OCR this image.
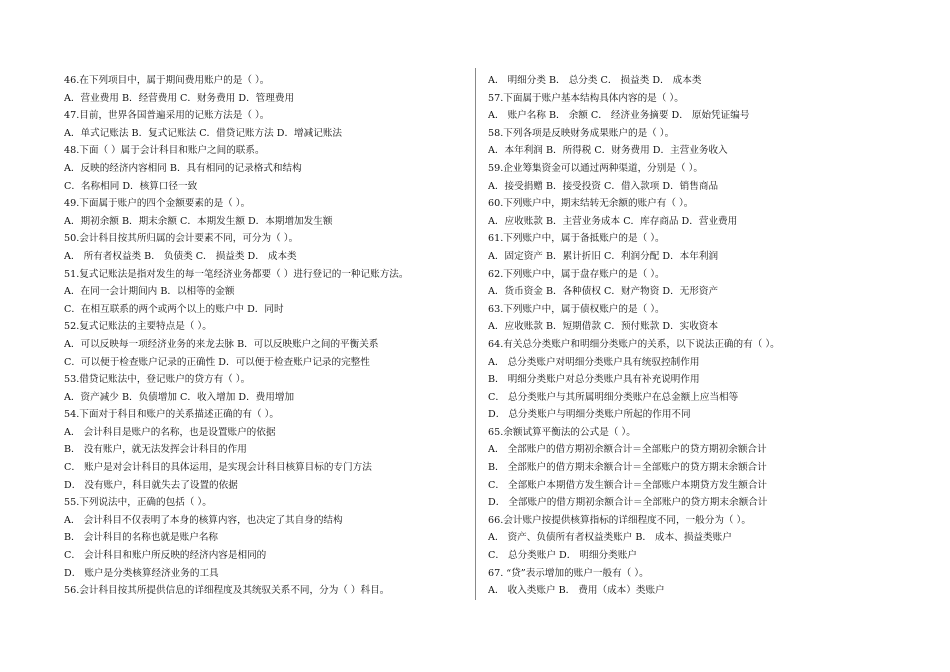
46.在下列项目中，属于期间费用账户的是（ ）。
A．营业费用 B．经营费用 C．财务费用 D．管理费用
47.目前，世界各国普遍采用的记账方法是（ ）。
A．单式记账法 B．复式记账法 C．借贷记账方法 D．增减记账法
48.下面（ ）属于会计科目和账户之间的联系。
A．反映的经济内容相同 B．具有相同的记录格式和结构
C．名称相同 D．核算口径一致
49.下面属于账户的四个金额要素的是（ ）。
A．期初余额 B．期末余额 C．本期发生额 D．本期增加发生额
50.会计科目按其所归属的会计要素不同，可分为（ ）。
A． 所有者权益类 B． 负债类 C． 损益类 D． 成本类
51.复式记账法是指对发生的每一笔经济业务都要（ ）进行登记的一种记账方法。
A．在同一会计期间内 B．以相等的金额
C．在相互联系的两个或两个以上的账户中 D．同时
52.复式记账法的主要特点是（ ）。
A．可以反映每一项经济业务的来龙去脉 B．可以反映账户之间的平衡关系
C．可以便于检查账户记录的正确性 D．可以便于检查账户记录的完整性
53.借贷记账法中，登记账户的贷方有（ ）。
A．资产减少 B．负债增加 C．收入增加 D．费用增加
54.下面对于科目和账户的关系描述正确的有（ ）。
A． 会计科目是账户的名称，也是设置账户的依据
B． 没有账户，就无法发挥会计科目的作用
C． 账户是对会计科目的具体运用，是实现会计科目核算目标的专门方法
D． 没有账户，科目就失去了设置的依据
55.下列说法中，正确的包括（ ）。
A． 会计科目不仅表明了本身的核算内容，也决定了其自身的结构
B． 会计科目的名称也就是账户名称
C． 会计科目和账户所反映的经济内容是相同的
D． 账户是分类核算经济业务的工具
56.会计科目按其所提供信息的详细程度及其统驭关系不同，分为（ ）科目。
A． 明细分类 B． 总分类 C． 损益类 D． 成本类
57.下面属于账户基本结构具体内容的是（ ）。
A． 账户名称 B． 余额 C． 经济业务摘要 D． 原始凭证编号
58.下列各项是反映财务成果账户的是（ ）。
A．本年利润 B．所得税 C．财务费用 D．主营业务收入
59.企业筹集资金可以通过两种渠道，分别是（ ）。
A．接受捐赠 B．接受投资 C．借入款项 D．销售商品
60.下列账户中，期末结转无余额的账户有（ ）。
A．应收账款 B．主营业务成本 C．库存商品 D．营业费用
61.下列账户中，属于备抵账户的是（ ）。
A．固定资产 B．累计折旧 C．利润分配 D．本年利润
62.下列账户中，属于盘存账户的是（ ）。
A．货币资金 B．各种债权 C．财产物资 D．无形资产
63.下列账户中，属于债权账户的是（ ）。
A．应收账款 B．短期借款 C．预付账款 D．实收资本
64.有关总分类账户和明细分类账户的关系，以下说法正确的有（ ）。
A． 总分类账户对明细分类账户具有统驭控制作用
B． 明细分类账户对总分类账户具有补充说明作用
C． 总分类账户与其所属明细分类账户在总金额上应当相等
D． 总分类账户与明细分类账户所起的作用不同
65.余额试算平衡法的公式是（ ）。
A． 全部账户的借方期初余额合计＝全部账户的贷方期初余额合计
B． 全部账户的借方期末余额合计＝全部账户的贷方期末余额合计
C． 全部账户本期借方发生额合计＝全部账户本期贷方发生额合计
D． 全部账户的借方期初余额合计＝全部账户的贷方期末余额合计
66.会计账户按提供核算指标的详细程度不同，一般分为（ ）。
A． 资产、负债所有者权益类账户 B． 成本、损益类账户
C． 总分类账户 D． 明细分类账户
67. “贷”表示增加的账户一般有（ ）。
A． 收入类账户 B． 费用（成本）类账户
